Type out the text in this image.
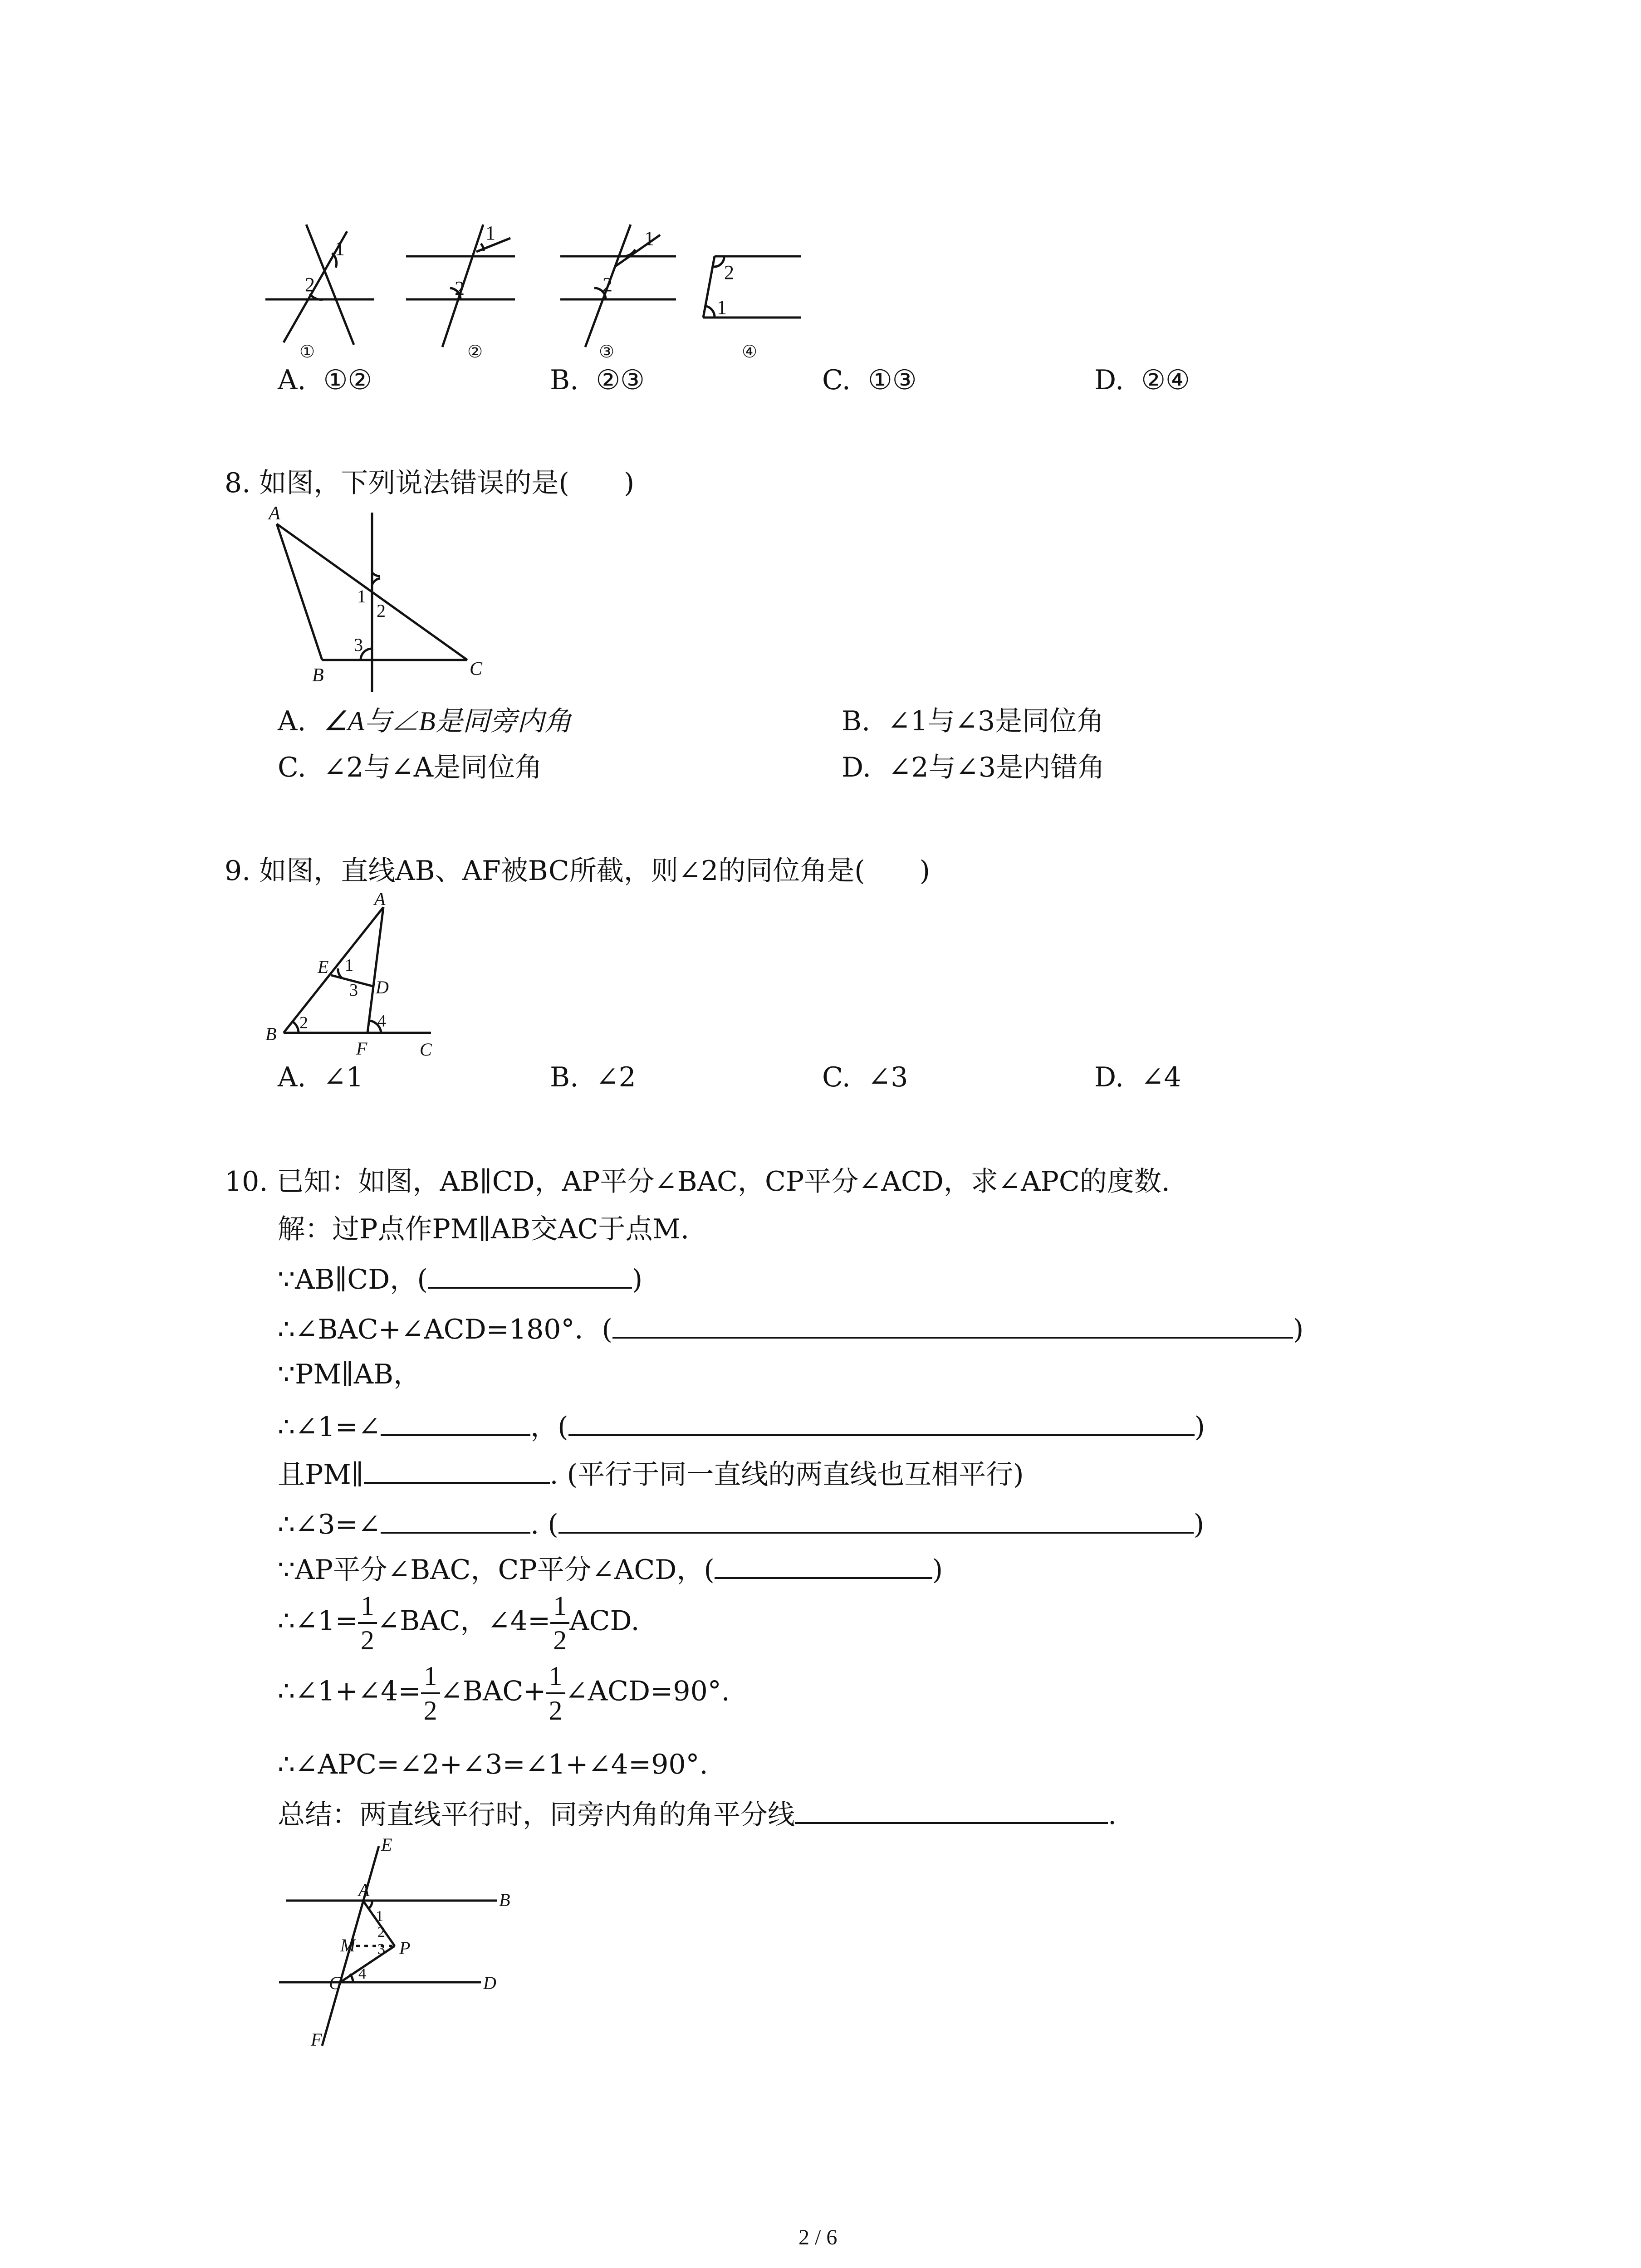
1
2
1
2
1
2
2
1
①	②	③	④
A. ①②	B. ②③	C. ①③	D. ②④
8. 如图，下列说法错误的是(　　)
A
B	C
1
2
3
A. ∠A与∠B是同旁内角	B. ∠1与∠3是同位角
C. ∠2与∠A是同位角	D. ∠2与∠3是内错角
9. 如图，直线AB、AF被BC所截，则∠2的同位角是(　　)
A
E
D
B
F	C
1
3
2	4
A. ∠1	B. ∠2	C. ∠3	D. ∠4
10. 已知：如图，AB∥CD，AP平分∠BAC，CP平分∠ACD，求∠APC的度数.
解：过P点作PM∥AB交AC于点M.
∵AB∥CD，(	)
∴∠BAC+∠ACD=180°．(	)
∵PM∥AB，
∴∠1=∠	，(	)
且PM∥	. (平行于同一直线的两直线也互相平行)
∴∠3=∠	. (	)
∵AP平分∠BAC，CP平分∠ACD，(	)
∴∠1= $\frac{1}{2}$ ∠BAC，∠4= $\frac{1}{2}$ ACD.
∴∠1+∠4= $\frac{1}{2}$ ∠BAC+ $\frac{1}{2}$ ∠ACD=90°.
∴∠APC=∠2+∠3=∠1+∠4=90°.
总结：两直线平行时，同旁内角的角平分线	.
E
A	B
M P
C	D
F
1
2
3
4
2 / 6
